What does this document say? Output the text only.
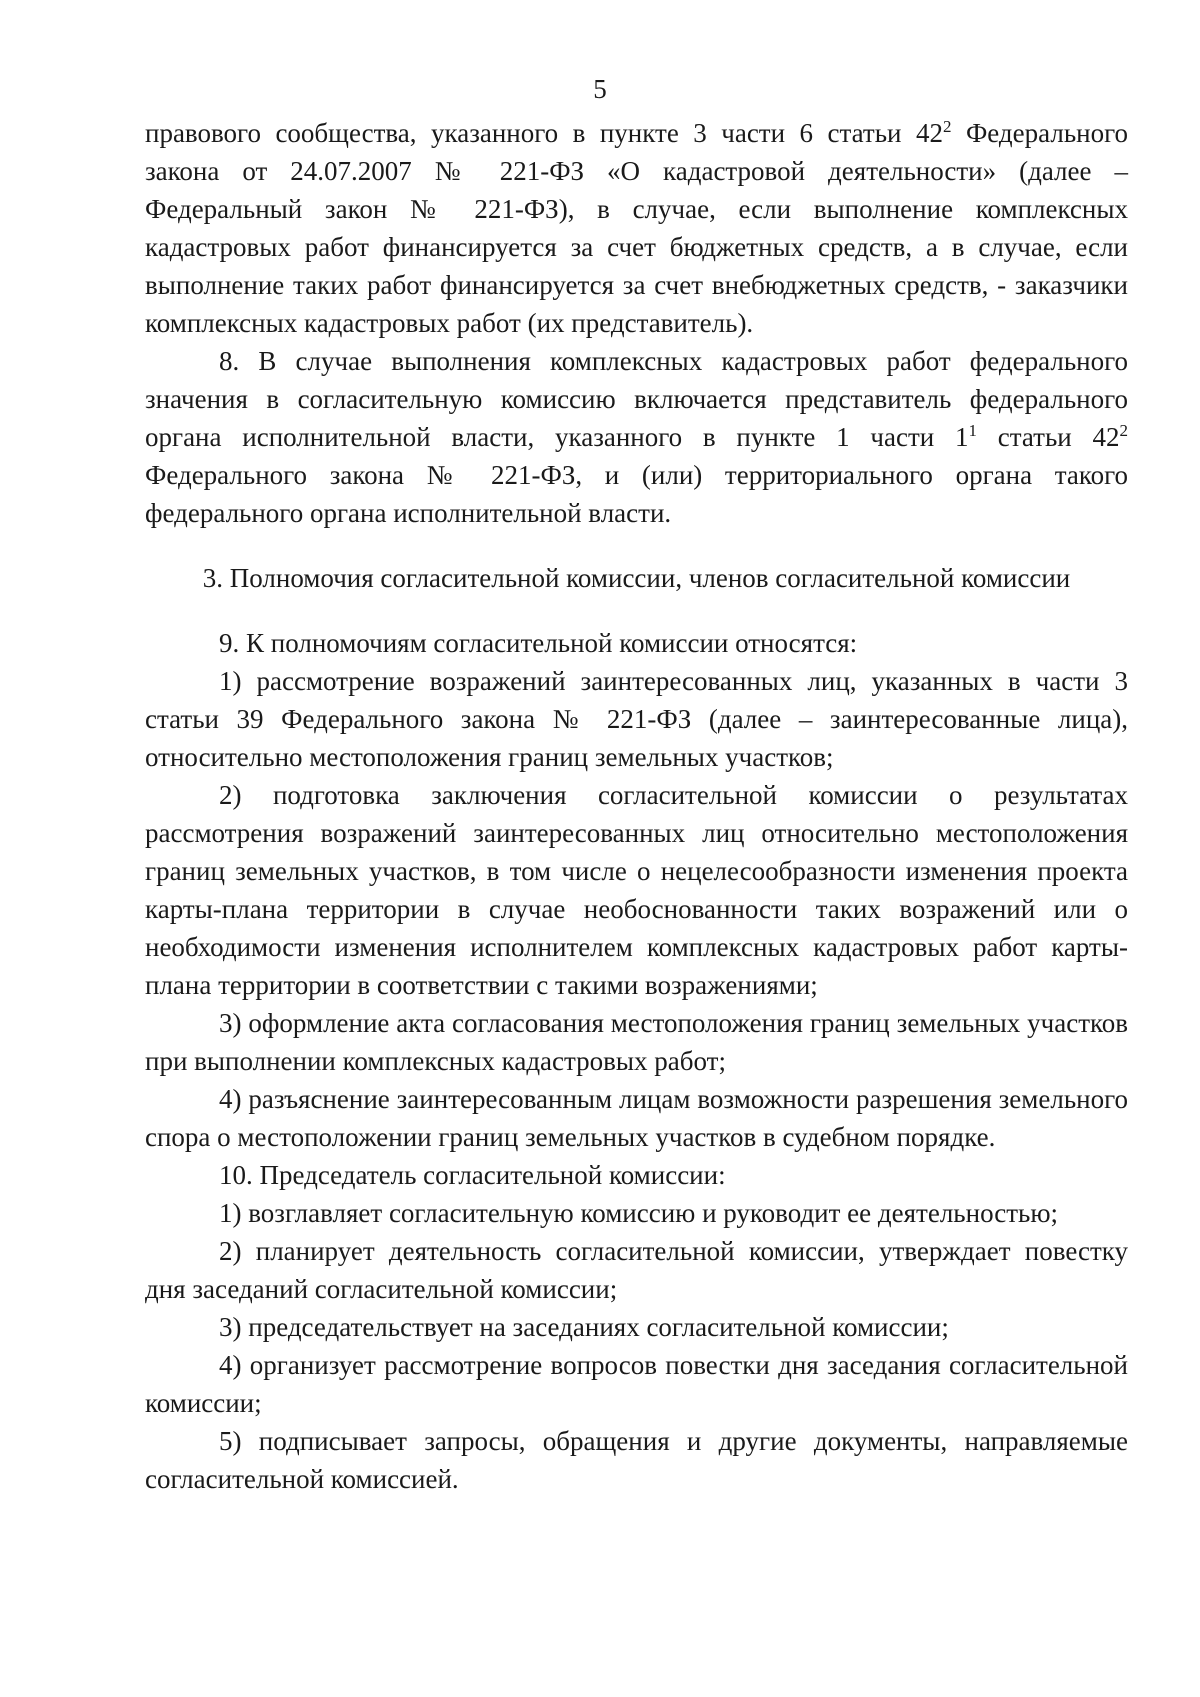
5

правового сообщества, указанного в пункте 3 части 6 статьи $42^2$ Федерального закона от 24.07.2007 № 221-ФЗ «О кадастровой деятельности» (далее – Федеральный закон № 221-ФЗ), в случае, если выполнение комплексных кадастровых работ финансируется за счет бюджетных средств, а в случае, если выполнение таких работ финансируется за счет внебюджетных средств, - заказчики комплексных кадастровых работ (их представитель).

8. В случае выполнения комплексных кадастровых работ федерального значения в согласительную комиссию включается представитель федерального органа исполнительной власти, указанного в пункте 1 части $1^1$ статьи $42^2$ Федерального закона № 221-ФЗ, и (или) территориального органа такого федерального органа исполнительной власти.

3. Полномочия согласительной комиссии, членов согласительной комиссии

9. К полномочиям согласительной комиссии относятся:

1) рассмотрение возражений заинтересованных лиц, указанных в части 3 статьи 39 Федерального закона № 221-ФЗ (далее – заинтересованные лица), относительно местоположения границ земельных участков;

2) подготовка заключения согласительной комиссии о результатах рассмотрения возражений заинтересованных лиц относительно местоположения границ земельных участков, в том числе о нецелесообразности изменения проекта карты-плана территории в случае необоснованности таких возражений или о необходимости изменения исполнителем комплексных кадастровых работ карты-плана территории в соответствии с такими возражениями;

3) оформление акта согласования местоположения границ земельных участков при выполнении комплексных кадастровых работ;

4) разъяснение заинтересованным лицам возможности разрешения земельного спора о местоположении границ земельных участков в судебном порядке.

10. Председатель согласительной комиссии:

1) возглавляет согласительную комиссию и руководит ее деятельностью;

2) планирует деятельность согласительной комиссии, утверждает повестку дня заседаний согласительной комиссии;

3) председательствует на заседаниях согласительной комиссии;

4) организует рассмотрение вопросов повестки дня заседания согласительной комиссии;

5) подписывает запросы, обращения и другие документы, направляемые согласительной комиссией.
